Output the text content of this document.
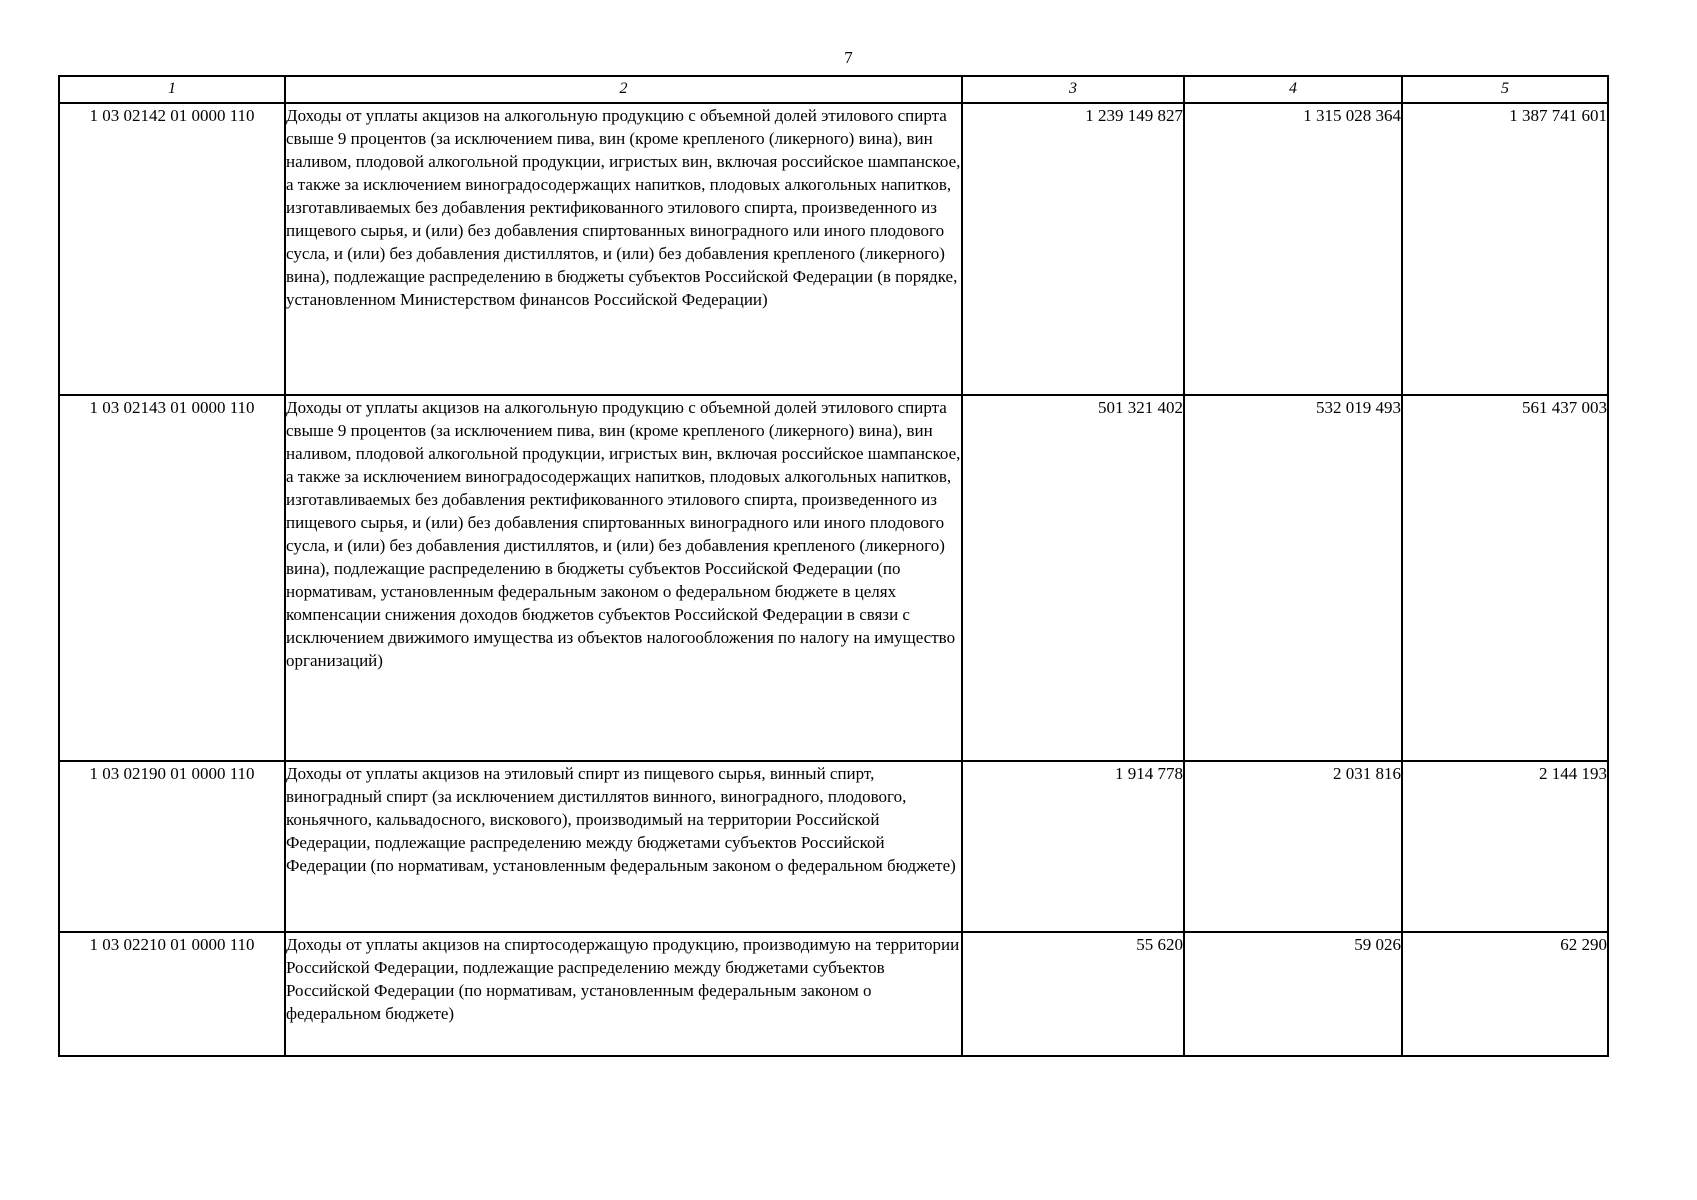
7
1	2	3	4	5
1 03 02142 01 0000 110	Доходы от уплаты акцизов на алкогольную продукцию с объемной долей этилового спирта свыше 9 процентов (за исключением пива, вин (кроме крепленого (ликерного) вина), вин наливом, плодовой алкогольной продукции, игристых вин, включая российское шампанское, а также за исключением виноградосодержащих напитков, плодовых алкогольных напитков, изготавливаемых без добавления ректификованного этилового спирта, произведенного из пищевого сырья, и (или) без добавления спиртованных виноградного или иного плодового сусла, и (или) без добавления дистиллятов, и (или) без добавления крепленого (ликерного) вина), подлежащие распределению в бюджеты субъектов Российской Федерации (в порядке, установленном Министерством финансов Российской Федерации)	1 239 149 827	1 315 028 364	1 387 741 601
1 03 02143 01 0000 110	Доходы от уплаты акцизов на алкогольную продукцию с объемной долей этилового спирта свыше 9 процентов (за исключением пива, вин (кроме крепленого (ликерного) вина), вин наливом, плодовой алкогольной продукции, игристых вин, включая российское шампанское, а также за исключением виноградосодержащих напитков, плодовых алкогольных напитков, изготавливаемых без добавления ректификованного этилового спирта, произведенного из пищевого сырья, и (или) без добавления спиртованных виноградного или иного плодового сусла, и (или) без добавления дистиллятов, и (или) без добавления крепленого (ликерного) вина), подлежащие распределению в бюджеты субъектов Российской Федерации (по нормативам, установленным федеральным законом о федеральном бюджете в целях компенсации снижения доходов бюджетов субъектов Российской Федерации в связи с исключением движимого имущества из объектов налогообложения по налогу на имущество организаций)	501 321 402	532 019 493	561 437 003
1 03 02190 01 0000 110	Доходы от уплаты акцизов на этиловый спирт из пищевого сырья, винный спирт, виноградный спирт (за исключением дистиллятов винного, виноградного, плодового, коньячного, кальвадосного, вискового), производимый на территории Российской Федерации, подлежащие распределению между бюджетами субъектов Российской Федерации (по нормативам, установленным федеральным законом о федеральном бюджете)	1 914 778	2 031 816	2 144 193
1 03 02210 01 0000 110	Доходы от уплаты акцизов на спиртосодержащую продукцию, производимую на территории Российской Федерации, подлежащие распределению между бюджетами субъектов Российской Федерации (по нормативам, установленным федеральным законом о федеральном бюджете)	55 620	59 026	62 290
